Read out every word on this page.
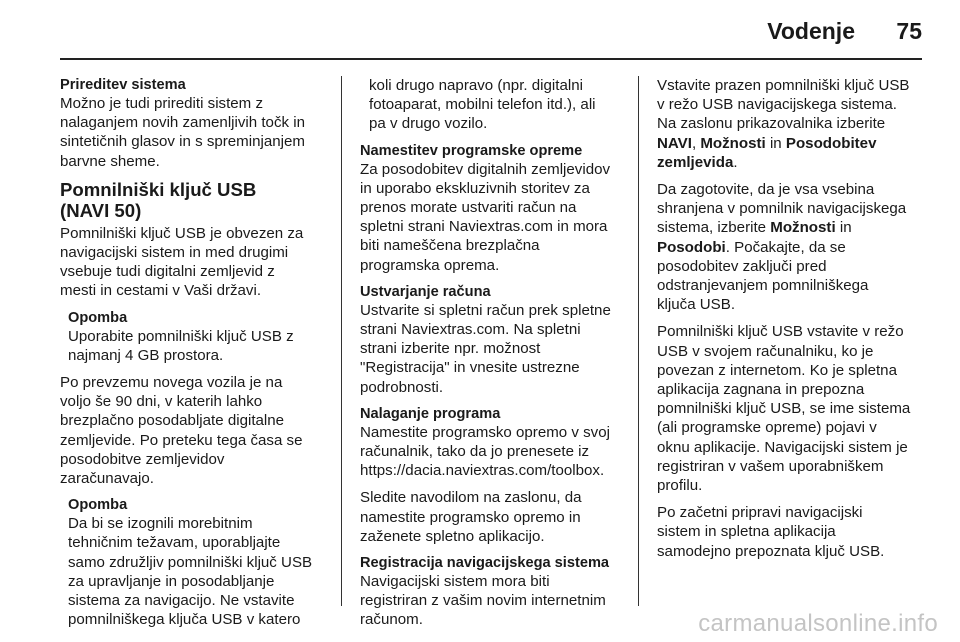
Vodenje 75
Prireditev sistema

Možno je tudi prirediti sistem z
nalaganjem novih zamenljivih točk in
sintetičnih glasov in s spreminjanjem
barvne sheme.

Pomnilniški ključ USB
(NAVI 50)

Pomnilniški ključ USB je obvezen za
navigacijski sistem in med drugimi
vsebuje tudi digitalni zemljevid z
mesti in cestami v Vaši državi.

Opomba
Uporabite pomnilniški ključ USB z
najmanj 4 GB prostora.

Po prevzemu novega vozila je na
voljo še 90 dni, v katerih lahko
brezplačno posodabljate digitalne
zemljevide. Po preteku tega časa se
posodobitve zemljevidov
zaračunavajo.

Opomba
Da bi se izognili morebitnim
tehničnim težavam, uporabljajte
samo združljiv pomnilniški ključ USB
za upravljanje in posodabljanje
sistema za navigacijo. Ne vstavite
pomnilniškega ključa USB v katero

koli drugo napravo (npr. digitalni
fotoaparat, mobilni telefon itd.), ali
pa v drugo vozilo.

Namestitev programske opreme

Za posodobitev digitalnih zemljevidov
in uporabo ekskluzivnih storitev za
prenos morate ustvariti račun na
spletni strani Naviextras.com in mora
biti nameščena brezplačna
programska oprema.

Ustvarjanje računa

Ustvarite si spletni račun prek spletne
strani Naviextras.com. Na spletni
strani izberite npr. možnost
"Registracija" in vnesite ustrezne
podrobnosti.

Nalaganje programa

Namestite programsko opremo v svoj
računalnik, tako da jo prenesete iz
https://dacia.naviextras.com/toolbox.

Sledite navodilom na zaslonu, da
namestite programsko opremo in
zaženete spletno aplikacijo.

Registracija navigacijskega sistema

Navigacijski sistem mora biti
registriran z vašim novim internetnim
računom.

Vstavite prazen pomnilniški ključ USB
v režo USB navigacijskega sistema.
Na zaslonu prikazovalnika izberite
NAVI, Možnosti in Posodobitev
zemljevida.

Da zagotovite, da je vsa vsebina
shranjena v pomnilnik navigacijskega
sistema, izberite Možnosti in
Posodobi. Počakajte, da se
posodobitev zaključi pred
odstranjevanjem pomnilniškega
ključa USB.

Pomnilniški ključ USB vstavite v režo
USB v svojem računalniku, ko je
povezan z internetom. Ko je spletna
aplikacija zagnana in prepozna
pomnilniški ključ USB, se ime sistema
(ali programske opreme) pojavi v
oknu aplikacije. Navigacijski sistem je
registriran v vašem uporabniškem
profilu.

Po začetni pripravi navigacijski
sistem in spletna aplikacija
samodejno prepoznata ključ USB.

carmanualsonline.info
